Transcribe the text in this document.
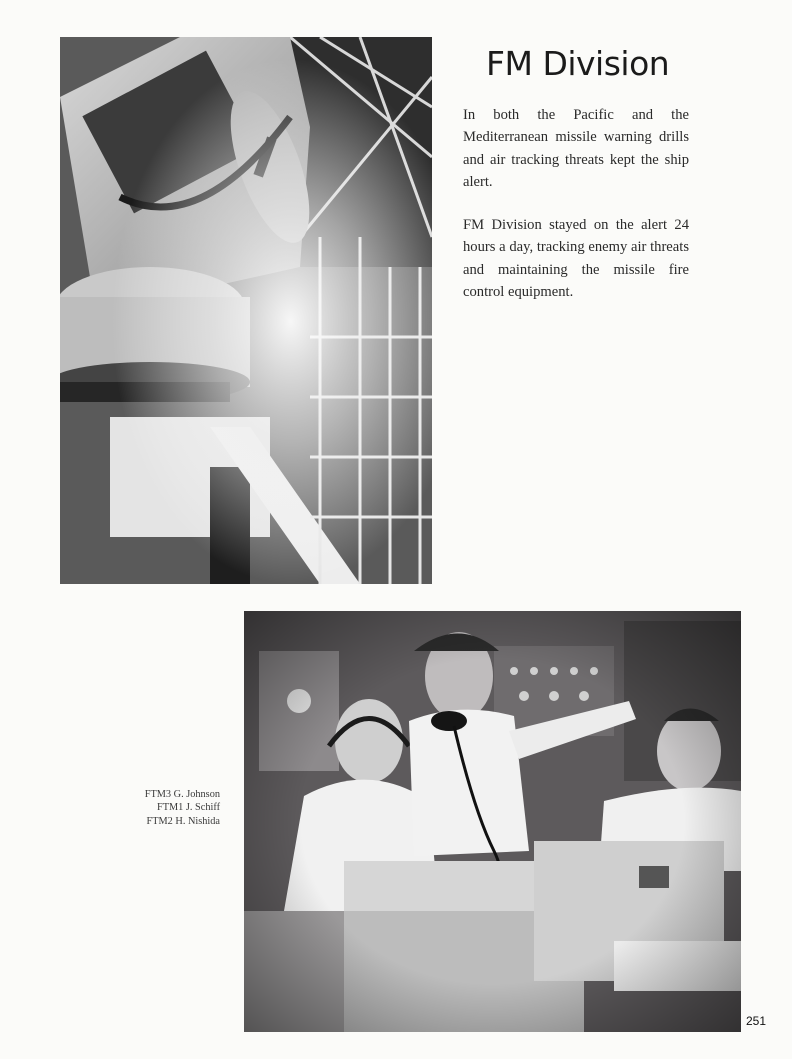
FM Division

In both the Pacific and the Mediterranean missile warning drills and air tracking threats kept the ship alert.

FM Division stayed on the alert 24 hours a day, tracking enemy air threats and maintaining the missile fire control equipment.

FTM3 G. Johnson
FTM1 J. Schiff
FTM2 H. Nishida
251
